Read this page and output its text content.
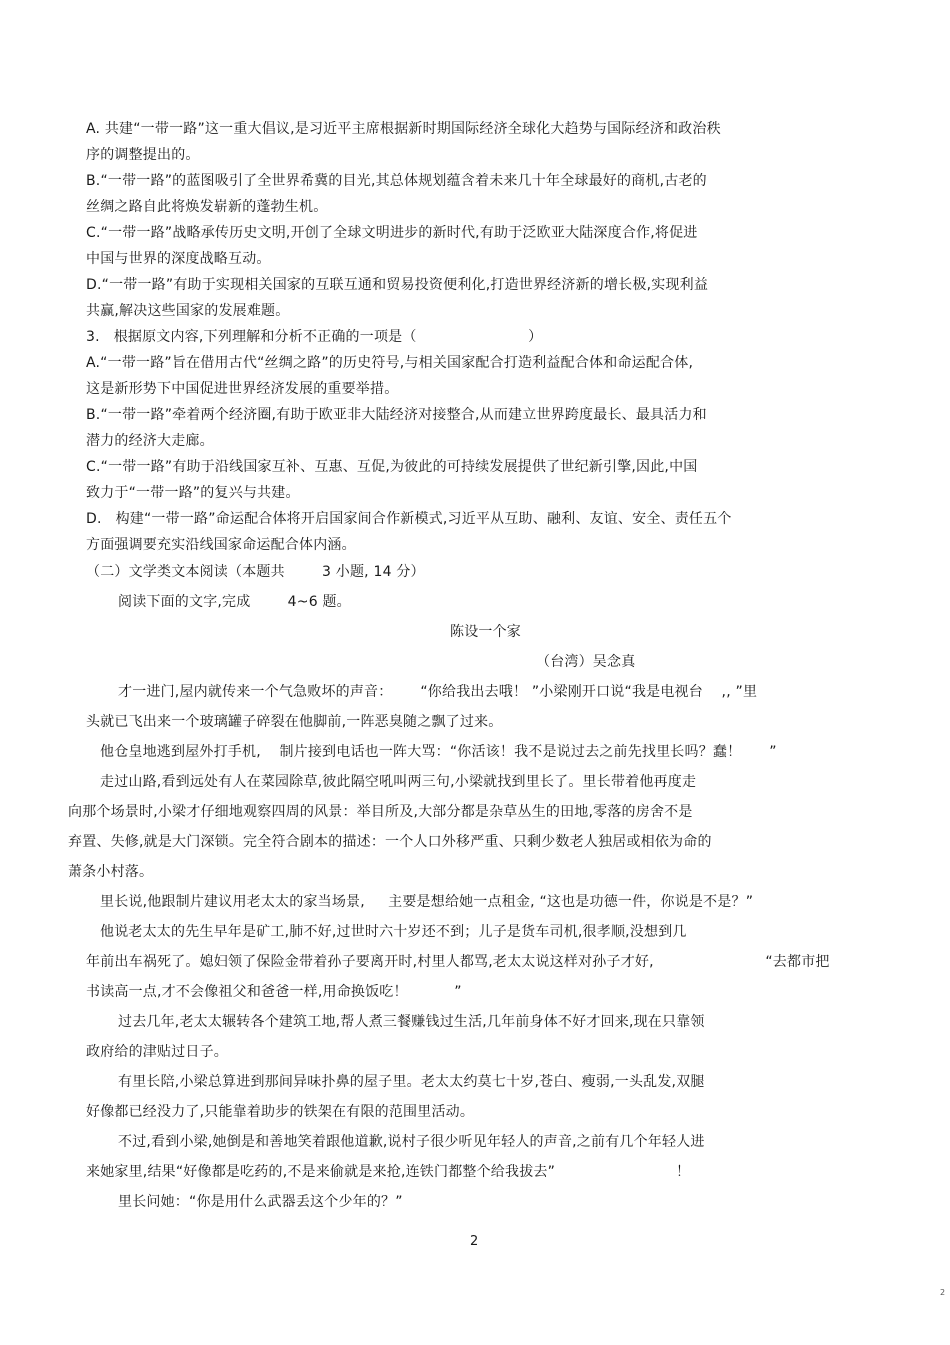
A. 共建“一带一路”这一重大倡议,是习近平主席根据新时期国际经济全球化大趋势与国际经济和政治秩
序的调整提出的。
B.“一带一路”的蓝图吸引了全世界希冀的目光,其总体规划蕴含着未来几十年全球最好的商机,古老的
丝绸之路自此将焕发崭新的蓬勃生机。
C.“一带一路”战略承传历史文明,开创了全球文明进步的新时代,有助于泛欧亚大陆深度合作,将促进
中国与世界的深度战略互动。
D.“一带一路”有助于实现相关国家的互联互通和贸易投资便利化,打造世界经济新的增长极,实现利益
共赢,解决这些国家的发展难题。
3.   根据原文内容,下列理解和分析不正确的一项是（                        ）
A.“一带一路”旨在借用古代“丝绸之路”的历史符号,与相关国家配合打造利益配合体和命运配合体,
这是新形势下中国促进世界经济发展的重要举措。
B.“一带一路”牵着两个经济圈,有助于欧亚非大陆经济对接整合,从而建立世界跨度最长、最具活力和
潜力的经济大走廊。
C.“一带一路”有助于沿线国家互补、互惠、互促,为彼此的可持续发展提供了世纪新引擎,因此,中国
致力于“一带一路”的复兴与共建。
D.   构建“一带一路”命运配合体将开启国家间合作新模式,习近平从互助、融利、友谊、安全、责任五个
方面强调要充实沿线国家命运配合体内涵。
（二）文学类文本阅读（本题共        3 小题, 14 分）
阅读下面的文字,完成        4~6 题。
陈设一个家
（台湾）吴念真
才一进门,屋内就传来一个气急败坏的声音：      “你给我出去哦！ ”小梁刚开口说“我是电视台    ,, ”里
头就已飞出来一个玻璃罐子碎裂在他脚前,一阵恶臭随之飘了过来。
他仓皇地逃到屋外打手机,    制片接到电话也一阵大骂：“你活该！我不是说过去之前先找里长吗？蠢！      ”
走过山路,看到远处有人在菜园除草,彼此隔空吼叫两三句,小梁就找到里长了。里长带着他再度走
向那个场景时,小梁才仔细地观察四周的风景：举目所及,大部分都是杂草丛生的田地,零落的房舍不是
弃置、失修,就是大门深锁。完全符合剧本的描述：一个人口外移严重、只剩少数老人独居或相依为命的
萧条小村落。
里长说,他跟制片建议用老太太的家当场景,     主要是想给她一点租金, “这也是功德一件，你说是不是？”
他说老太太的先生早年是矿工,肺不好,过世时六十岁还不到；儿子是货车司机,很孝顺,没想到几
年前出车祸死了。媳妇领了保险金带着孙子要离开时,村里人都骂,老太太说这样对孙子才好,                        “去都市把
书读高一点,才不会像祖父和爸爸一样,用命换饭吃！          ”
过去几年,老太太辗转各个建筑工地,帮人煮三餐赚钱过生活,几年前身体不好才回来,现在只靠领
政府给的津贴过日子。
有里长陪,小梁总算进到那间异味扑鼻的屋子里。老太太约莫七十岁,苍白、瘦弱,一头乱发,双腿
好像都已经没力了,只能靠着助步的铁架在有限的范围里活动。
不过,看到小梁,她倒是和善地笑着跟他道歉,说村子很少听见年轻人的声音,之前有几个年轻人进
来她家里,结果“好像都是吃药的,不是来偷就是来抢,连铁门都整个给我拔去”                          ！
里长问她：“你是用什么武器丢这个少年的？”
2
2
